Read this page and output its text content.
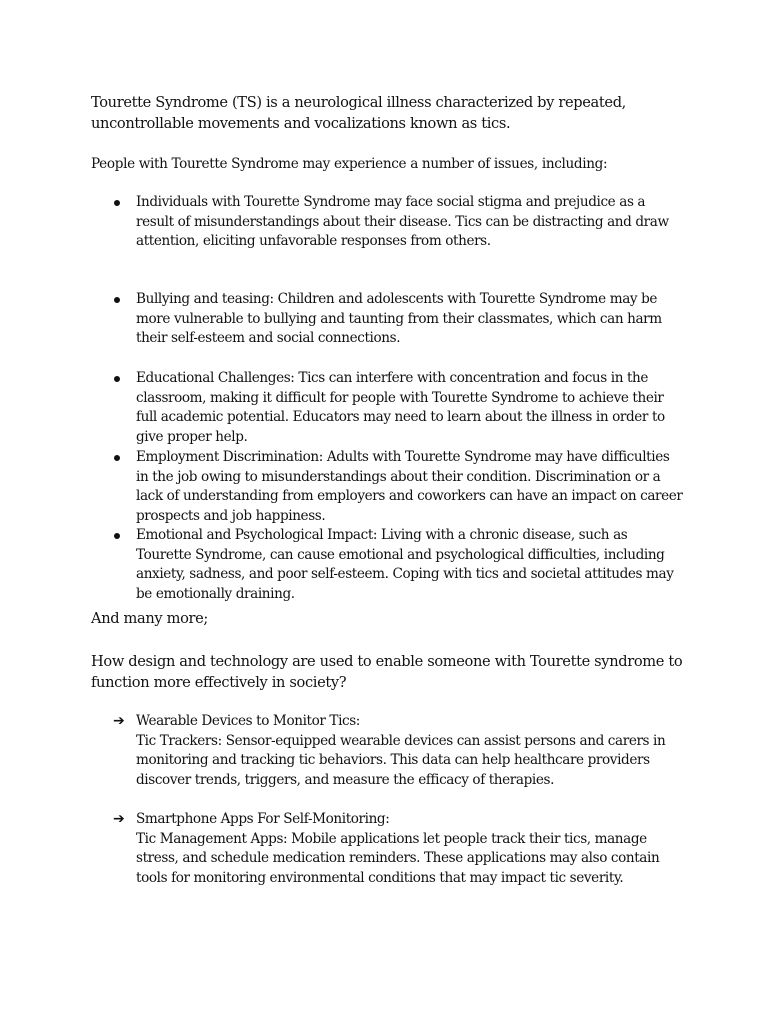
Tourette Syndrome (TS) is a neurological illness characterized by repeated, uncontrollable movements and vocalizations known as tics.

People with Tourette Syndrome may experience a number of issues, including:

Individuals with Tourette Syndrome may face social stigma and prejudice as a result of misunderstandings about their disease. Tics can be distracting and draw attention, eliciting unfavorable responses from others.

Bullying and teasing: Children and adolescents with Tourette Syndrome may be more vulnerable to bullying and taunting from their classmates, which can harm their self-esteem and social connections.

Educational Challenges: Tics can interfere with concentration and focus in the classroom, making it difficult for people with Tourette Syndrome to achieve their full academic potential. Educators may need to learn about the illness in order to give proper help.

Employment Discrimination: Adults with Tourette Syndrome may have difficulties in the job owing to misunderstandings about their condition. Discrimination or a lack of understanding from employers and coworkers can have an impact on career prospects and job happiness.

Emotional and Psychological Impact: Living with a chronic disease, such as Tourette Syndrome, can cause emotional and psychological difficulties, including anxiety, sadness, and poor self-esteem. Coping with tics and societal attitudes may be emotionally draining.

And many more;

How design and technology are used to enable someone with Tourette syndrome to function more effectively in society?

➔ Wearable Devices to Monitor Tics:
Tic Trackers: Sensor-equipped wearable devices can assist persons and carers in monitoring and tracking tic behaviors. This data can help healthcare providers discover trends, triggers, and measure the efficacy of therapies.
➔ Smartphone Apps For Self-Monitoring:
Tic Management Apps: Mobile applications let people track their tics, manage stress, and schedule medication reminders. These applications may also contain tools for monitoring environmental conditions that may impact tic severity.
